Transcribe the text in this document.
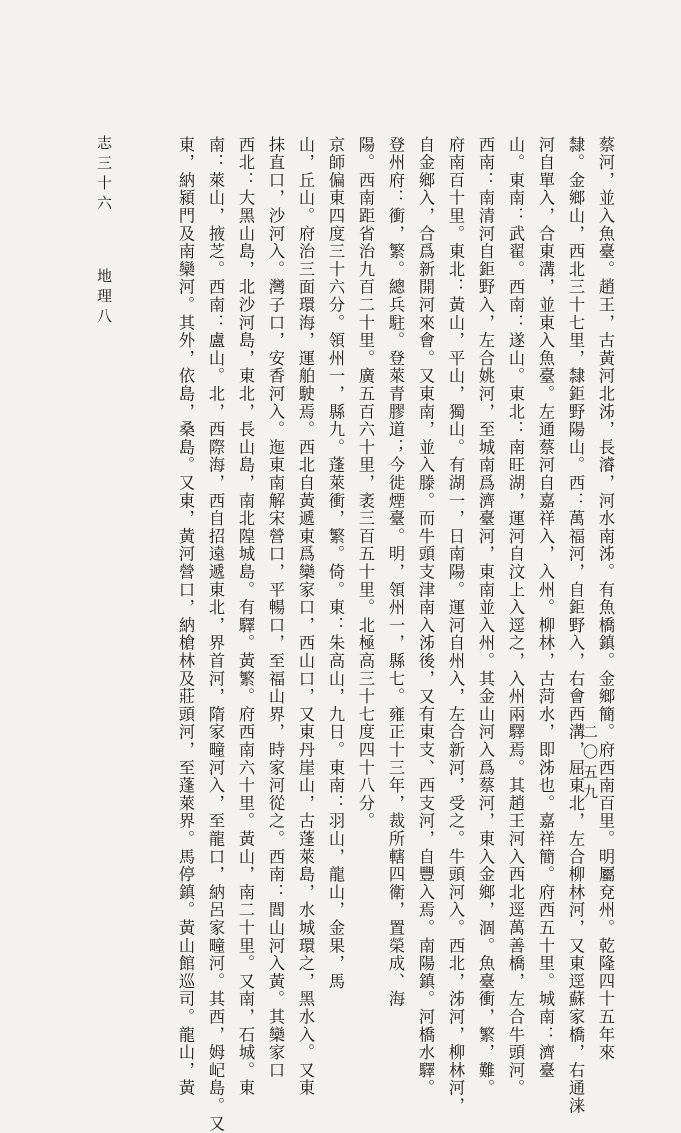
志三十六
地理八	蔡河，並入魚臺。趙王，古黃河北泲，長濬，河水南泲。有魚橋鎮。金鄉簡。府西南百里。明屬兗州。乾隆四十五年來
隸。金鄉山，西北三十七里，隸鉅野陽山。西：萬福河，自鉅野入，右會西溝，屈東北，左合柳林河，又東逕蘇家橋，右通涞
河自單入，合東溝，並東入魚臺。左通蔡河自嘉祥入，入州。柳林，古菏水，即泲也。嘉祥簡。府西五十里。城南：濟臺
山。東南：武翟。西南：遂山。東北：南旺湖，運河自汶上入逕之，入州兩驛焉。其趙王河入西北逕萬善橋，左合牛頭河。
西南：南清河自鉅野入，左合姚河，至城南爲濟臺河，東南並入州。其金山河入爲蔡河，東入金鄉，涸。魚臺衝，繁，難。
府南百十里。東北：黃山，平山，獨山。有湖一，日南陽。運河自州入，左合新河，受之。牛頭河入。西北，泲河，柳林河，
自金鄉入，合爲新開河來會。又東南，並入滕。而牛頭支津南入泲後，又有東支、西支河，自豐入焉。南陽鎮。河橋水驛。
登州府：衝，繁。總兵駐。登萊青膠道；今徙煙臺。明，領州一，縣七。雍正十三年，裁所轄四衛，置榮成、海
陽。西南距省治九百二十里。廣五百六十里，袤三百五十里。北極高三十七度四十八分。
京師偏東四度三十六分。領州一，縣九。蓬萊衝，繁。倚。東：朱高山，九日。東南：羽山，龍山，金果，馬
山，丘山。府治三面環海，運舶駛焉。西北自黃遞東爲欒家口，西山口，又東丹崖山，古蓬萊島，水城環之，黑水入。又東
抹直口，沙河入。灣子口，安香河入。迤東南解宋營口，平暢口，至福山界，時家河從之。西南：閭山河入黃。其欒家口
西北：大黑山島，北沙河島，東北，長山島，南北隍城島。有驛。黃繁。府西南六十里。黃山，南二十里。又南，石城。東
南：萊山，掖芝。西南：盧山。北，西際海，西自招遠遞東北，界首河，隋家疃河入，至龍口，納呂家疃河。其西，姆屺島。又
東，納潁門及南欒河。其外，依島，桑島。又東，黃河營口，納槍林及莊頭河，至蓬萊界。馬停鎮。黃山館巡司。龍山，黃	二〇五九
